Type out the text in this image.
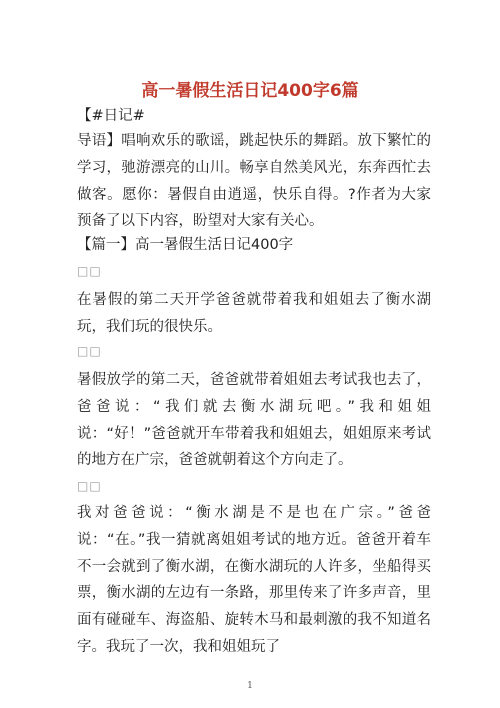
高一暑假生活日记400字6篇
【#日记#
导语】唱响欢乐的歌谣，跳起快乐的舞蹈。放下繁忙的学习，驰游漂亮的山川。畅享自然美风光，东奔西忙去做客。愿你：暑假自由逍遥，快乐自得。?作者为大家预备了以下内容，盼望对大家有关心。
【篇一】高一暑假生活日记400字
□□
在暑假的第二天开学爸爸就带着我和姐姐去了衡水湖玩，我们玩的很快乐。
□□
暑假放学的第二天，爸爸就带着姐姐去考试我也去了，爸爸说：“我们就去衡水湖玩吧。”我和姐姐说：“好！”爸爸就开车带着我和姐姐去，姐姐原来考试的地方在广宗，爸爸就朝着这个方向走了。
□□
我对爸爸说：“衡水湖是不是也在广宗。”爸爸说：“在。”我一猜就离姐姐考试的地方近。爸爸开着车不一会就到了衡水湖，在衡水湖玩的人许多，坐船得买票，衡水湖的左边有一条路，那里传来了许多声音，里面有碰碰车、海盗船、旋转木马和最刺激的我不知道名字。我玩了一次，我和姐姐玩了
1
